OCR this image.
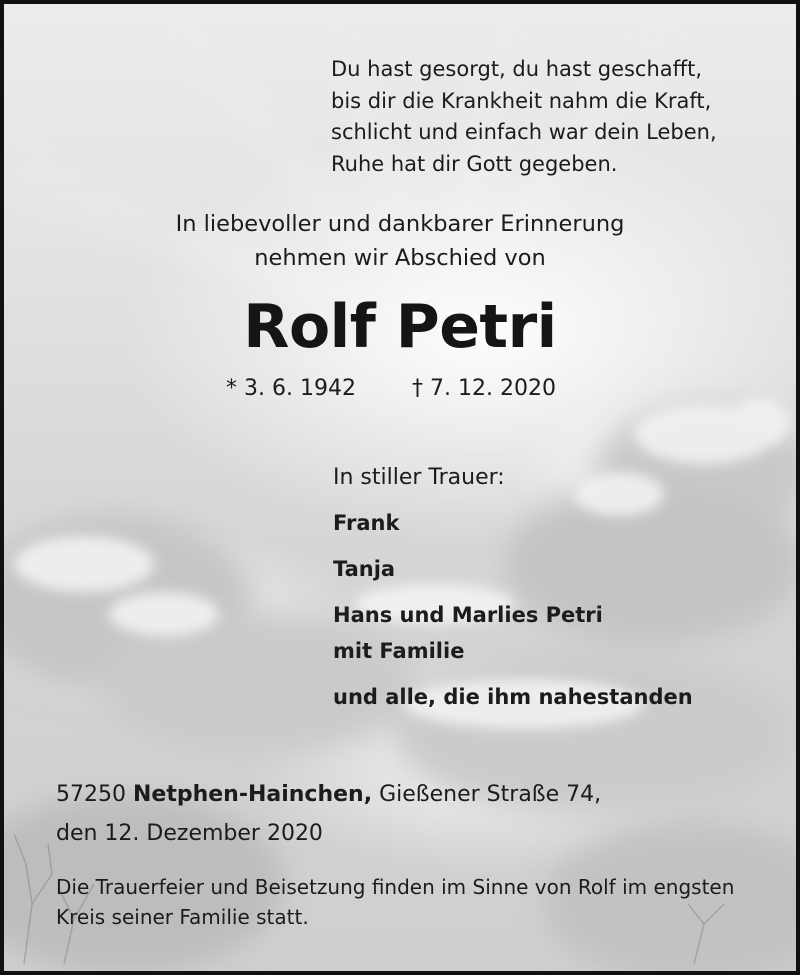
Du hast gesorgt, du hast geschafft,
bis dir die Krankheit nahm die Kraft,
schlicht und einfach war dein Leben,
Ruhe hat dir Gott gegeben.
In liebevoller und dankbarer Erinnerung
nehmen wir Abschied von
Rolf Petri
* 3. 6. 1942	† 7. 12. 2020
In stiller Trauer:
Frank
Tanja
Hans und Marlies Petri
mit Familie
und alle, die ihm nahestanden
57250 Netphen-Hainchen, Gießener Straße 74,
den 12. Dezember 2020
Die Trauerfeier und Beisetzung finden im Sinne von Rolf im engsten Kreis seiner Familie statt.
